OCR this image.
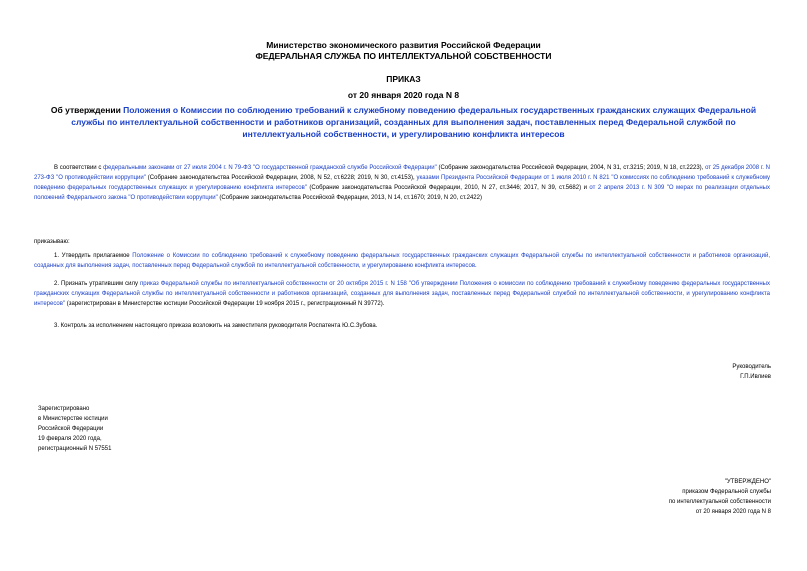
Министерство экономического развития Российской Федерации
ФЕДЕРАЛЬНАЯ СЛУЖБА ПО ИНТЕЛЛЕКТУАЛЬНОЙ СОБСТВЕННОСТИ
ПРИКАЗ
от 20 января 2020 года N 8
Об утверждении Положения о Комиссии по соблюдению требований к служебному поведению федеральных государственных гражданских служащих Федеральной службы по интеллектуальной собственности и работников организаций, созданных для выполнения задач, поставленных перед Федеральной службой по интеллектуальной собственности, и урегулированию конфликта интересов
В соответствии с федеральными законами от 27 июля 2004 г. N 79-ФЗ "О государственной гражданской службе Российской Федерации" (Собрание законодательства Российской Федерации, 2004, N 31, ст.3215; 2019, N 18, ст.2223), от 25 декабря 2008 г. N 273-ФЗ "О противодействии коррупции" (Собрание законодательства Российской Федерации, 2008, N 52, ст.6228; 2019, N 30, ст.4153), указами Президента Российской Федерации от 1 июля 2010 г. N 821 "О комиссиях по соблюдению требований к служебному поведению федеральных государственных служащих и урегулированию конфликта интересов" (Собрание законодательства Российской Федерации, 2010, N 27, ст.3446; 2017, N 39, ст.5682) и от 2 апреля 2013 г. N 309 "О мерах по реализации отдельных положений Федерального закона "О противодействии коррупции" (Собрание законодательства Российской Федерации, 2013, N 14, ст.1670; 2019, N 20, ст.2422)
приказываю:
1. Утвердить прилагаемое Положение о Комиссии по соблюдению требований к служебному поведению федеральных государственных гражданских служащих Федеральной службы по интеллектуальной собственности и работников организаций, созданных для выполнения задач, поставленных перед Федеральной службой по интеллектуальной собственности, и урегулированию конфликта интересов.
2. Признать утратившим силу приказ Федеральной службы по интеллектуальной собственности от 20 октября 2015 г. N 158 "Об утверждении Положения о комиссии по соблюдению требований к служебному поведению федеральных государственных гражданских служащих Федеральной службы по интеллектуальной собственности и работников организаций, созданных для выполнения задач, поставленных перед Федеральной службой по интеллектуальной собственности, и урегулированию конфликта интересов" (зарегистрирован в Министерстве юстиции Российской Федерации 19 ноября 2015 г., регистрационный N 39772).
3. Контроль за исполнением настоящего приказа возложить на заместителя руководителя Роспатента Ю.С.Зубова.
Руководитель
Г.П.Ивлиев
Зарегистрировано
в Министерстве юстиции
Российской Федерации
19 февраля 2020 года,
регистрационный N 57551
"УТВЕРЖДЕНО"
приказом Федеральной службы
по интеллектуальной собственности
от 20 января 2020 года N 8
